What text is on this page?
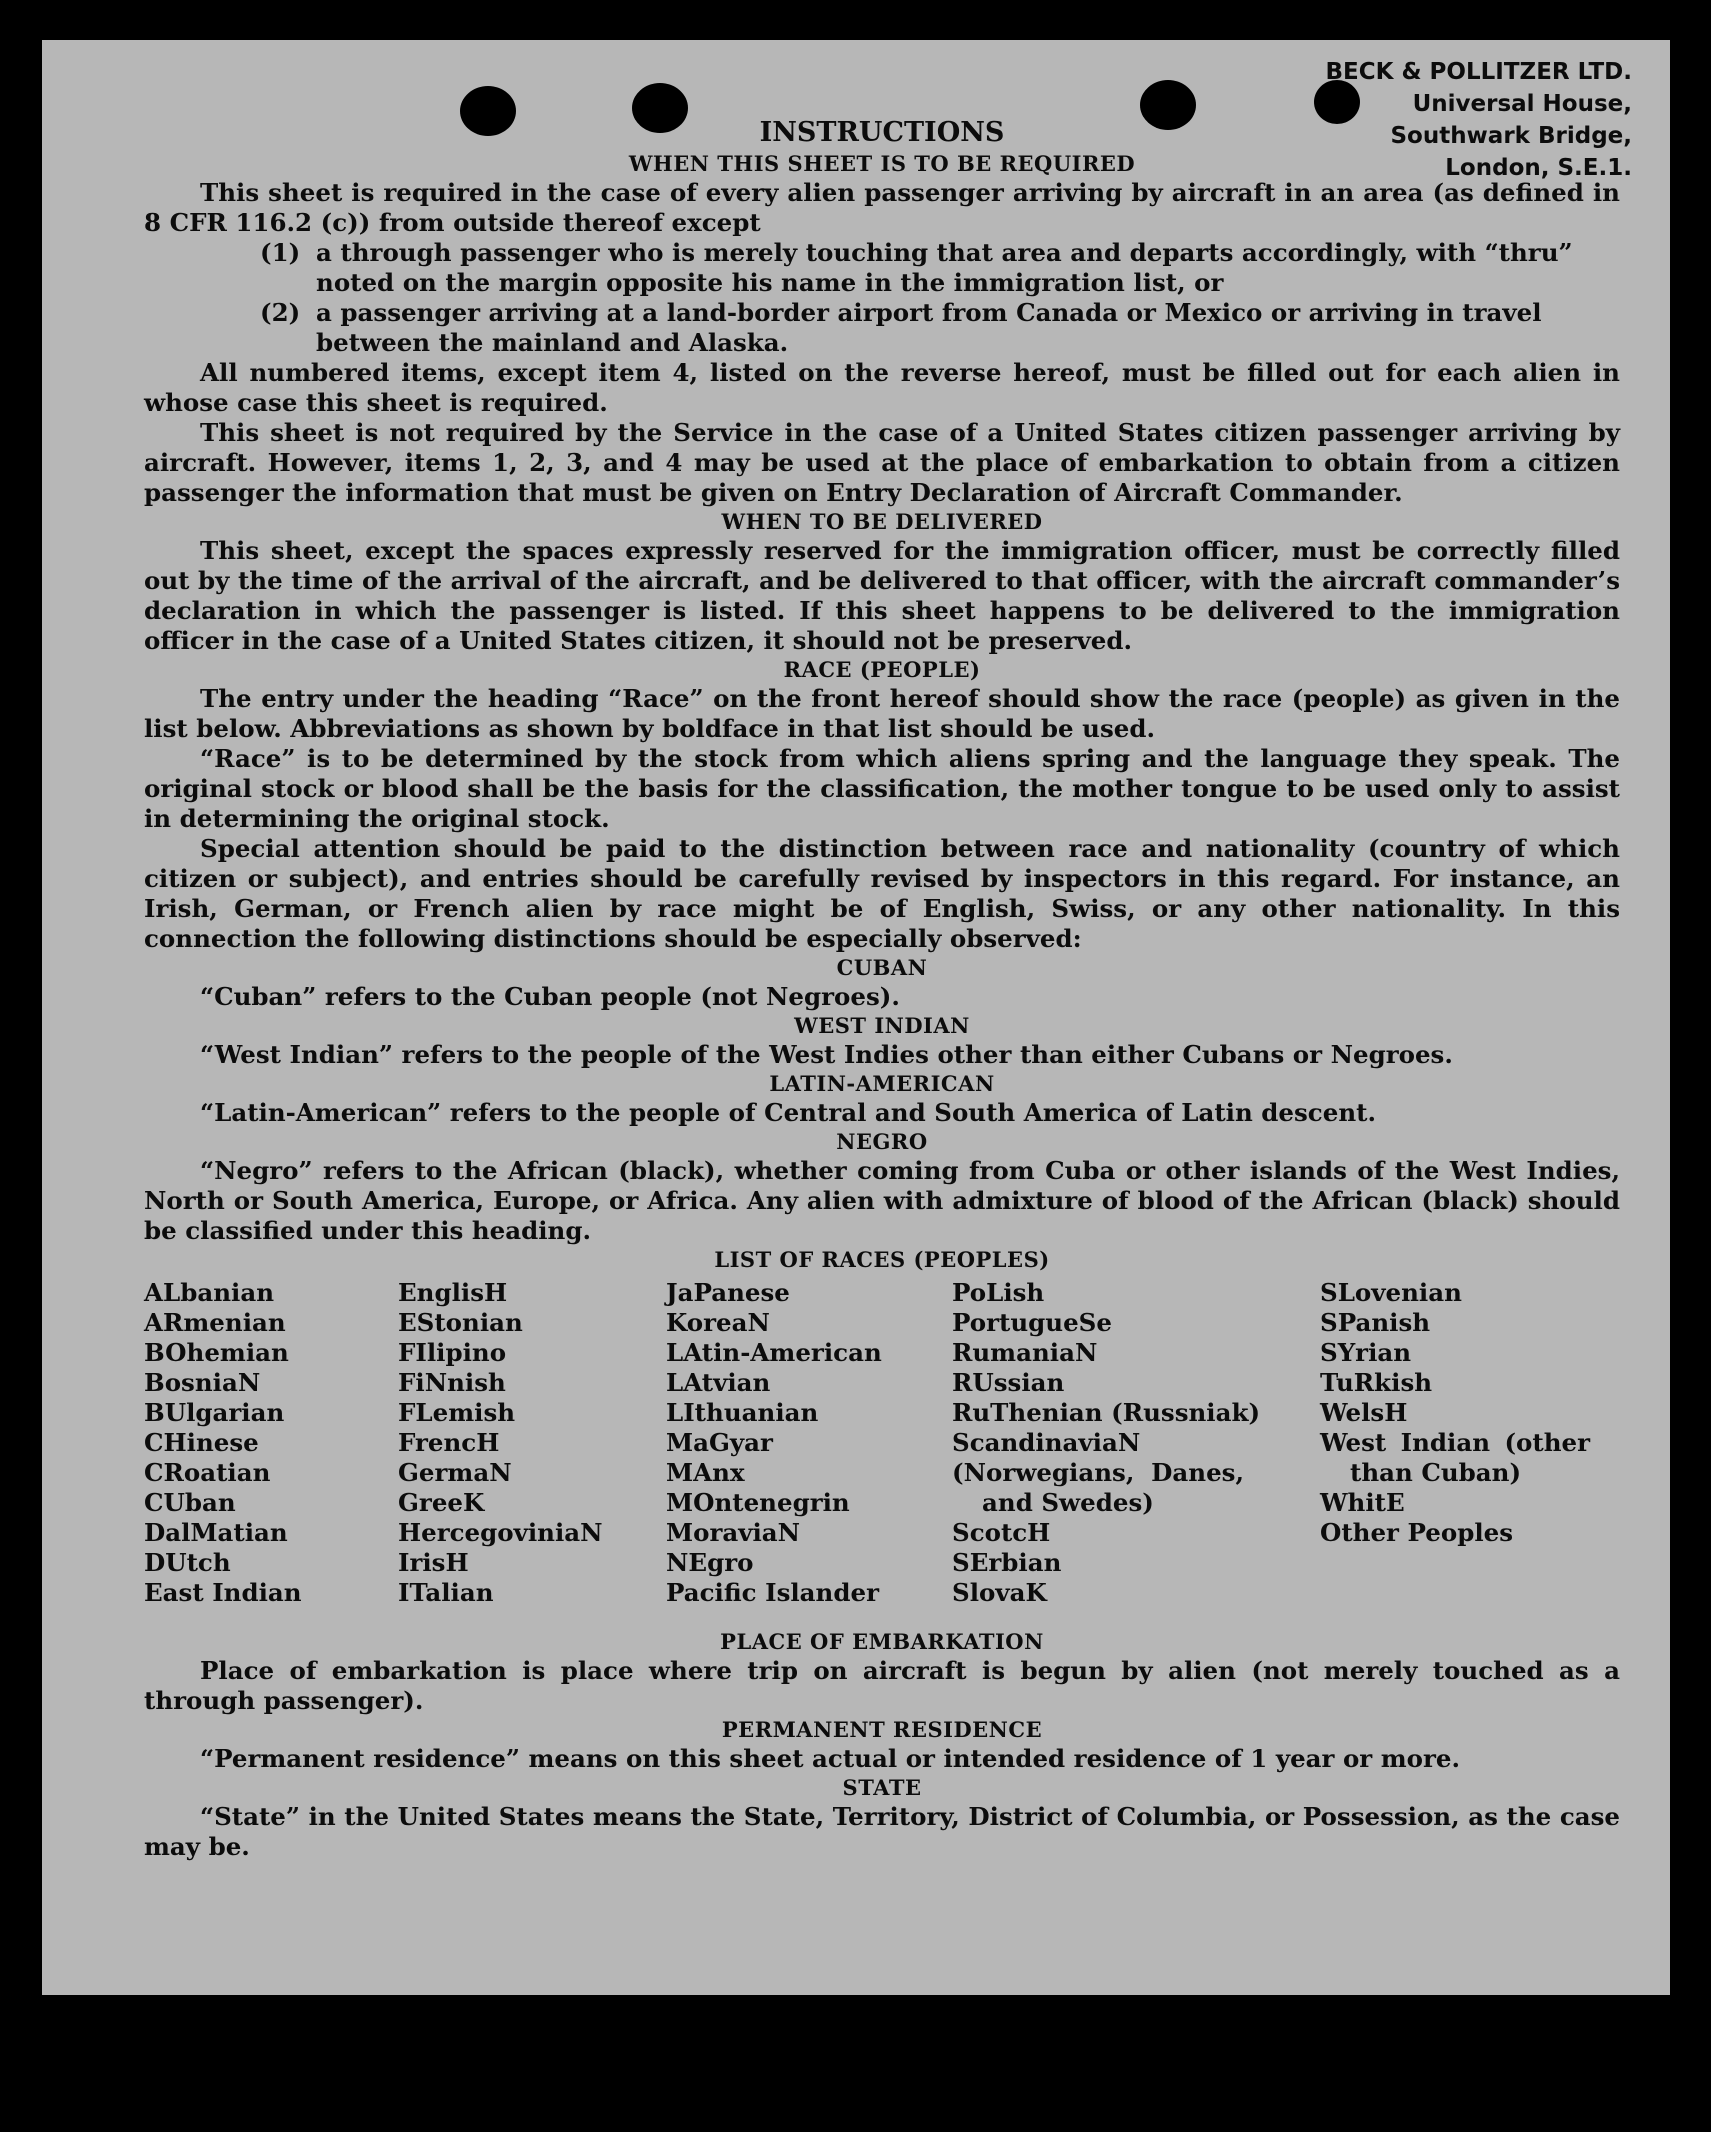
BECK & POLLITZER LTD.
Universal House,
Southwark Bridge,
London, S.E.1.
INSTRUCTIONS
WHEN THIS SHEET IS TO BE REQUIRED

This sheet is required in the case of every alien passenger arriving by aircraft in an area (as defined in 8 CFR 116.2 (c)) from outside thereof except

(1) a through passenger who is merely touching that area and departs accordingly, with “thru” noted on the margin opposite his name in the immigration list, or
(2) a passenger arriving at a land-border airport from Canada or Mexico or arriving in travel between the mainland and Alaska.

All numbered items, except item 4, listed on the reverse hereof, must be filled out for each alien in whose case this sheet is required.

This sheet is not required by the Service in the case of a United States citizen passenger arriving by aircraft. However, items 1, 2, 3, and 4 may be used at the place of embarkation to obtain from a citizen passenger the information that must be given on Entry Declaration of Aircraft Commander.

WHEN TO BE DELIVERED

This sheet, except the spaces expressly reserved for the immigration officer, must be correctly filled out by the time of the arrival of the aircraft, and be delivered to that officer, with the aircraft commander’s declaration in which the passenger is listed. If this sheet happens to be delivered to the immigration officer in the case of a United States citizen, it should not be preserved.

RACE (PEOPLE)

The entry under the heading “Race” on the front hereof should show the race (people) as given in the list below. Abbreviations as shown by boldface in that list should be used.

“Race” is to be determined by the stock from which aliens spring and the language they speak. The original stock or blood shall be the basis for the classification, the mother tongue to be used only to assist in determining the original stock.

Special attention should be paid to the distinction between race and nationality (country of which citizen or subject), and entries should be carefully revised by inspectors in this regard. For instance, an Irish, German, or French alien by race might be of English, Swiss, or any other nationality. In this connection the following distinctions should be especially observed:

CUBAN

“Cuban” refers to the Cuban people (not Negroes).

WEST INDIAN

“West Indian” refers to the people of the West Indies other than either Cubans or Negroes.

LATIN-AMERICAN

“Latin-American” refers to the people of Central and South America of Latin descent.

NEGRO

“Negro” refers to the African (black), whether coming from Cuba or other islands of the West Indies, North or South America, Europe, or Africa. Any alien with admixture of blood of the African (black) should be classified under this heading.

LIST OF RACES (PEOPLES)
ALbanian
ARmenian
BOhemian
BosniaN
BUlgarian
CHinese
CRoatian
CUban
DalMatian
DUtch
East Indian
EnglisH
EStonian
FIlipino
FiNnish
FLemish
FrencH
GermaN
GreeK
HercegoviniaN
IrisH
ITalian
JaPanese
KoreaN
LAtin-American
LAtvian
LIthuanian
MaGyar
MAnx
MOntenegrin
MoraviaN
NEgro
Pacific Islander
PoLish
PortugueSe
RumaniaN
RUssian
RuThenian (Russniak)
ScandinaviaN
(Norwegians, Danes, and Swedes)
ScotcH
SErbian
SlovaK
SLovenian
SPanish
SYrian
TuRkish
WelsH
West Indian (other than Cuban)
WhitE
Other Peoples
PLACE OF EMBARKATION

Place of embarkation is place where trip on aircraft is begun by alien (not merely touched as a through passenger).

PERMANENT RESIDENCE

“Permanent residence” means on this sheet actual or intended residence of 1 year or more.

STATE

“State” in the United States means the State, Territory, District of Columbia, or Possession, as the case may be.
